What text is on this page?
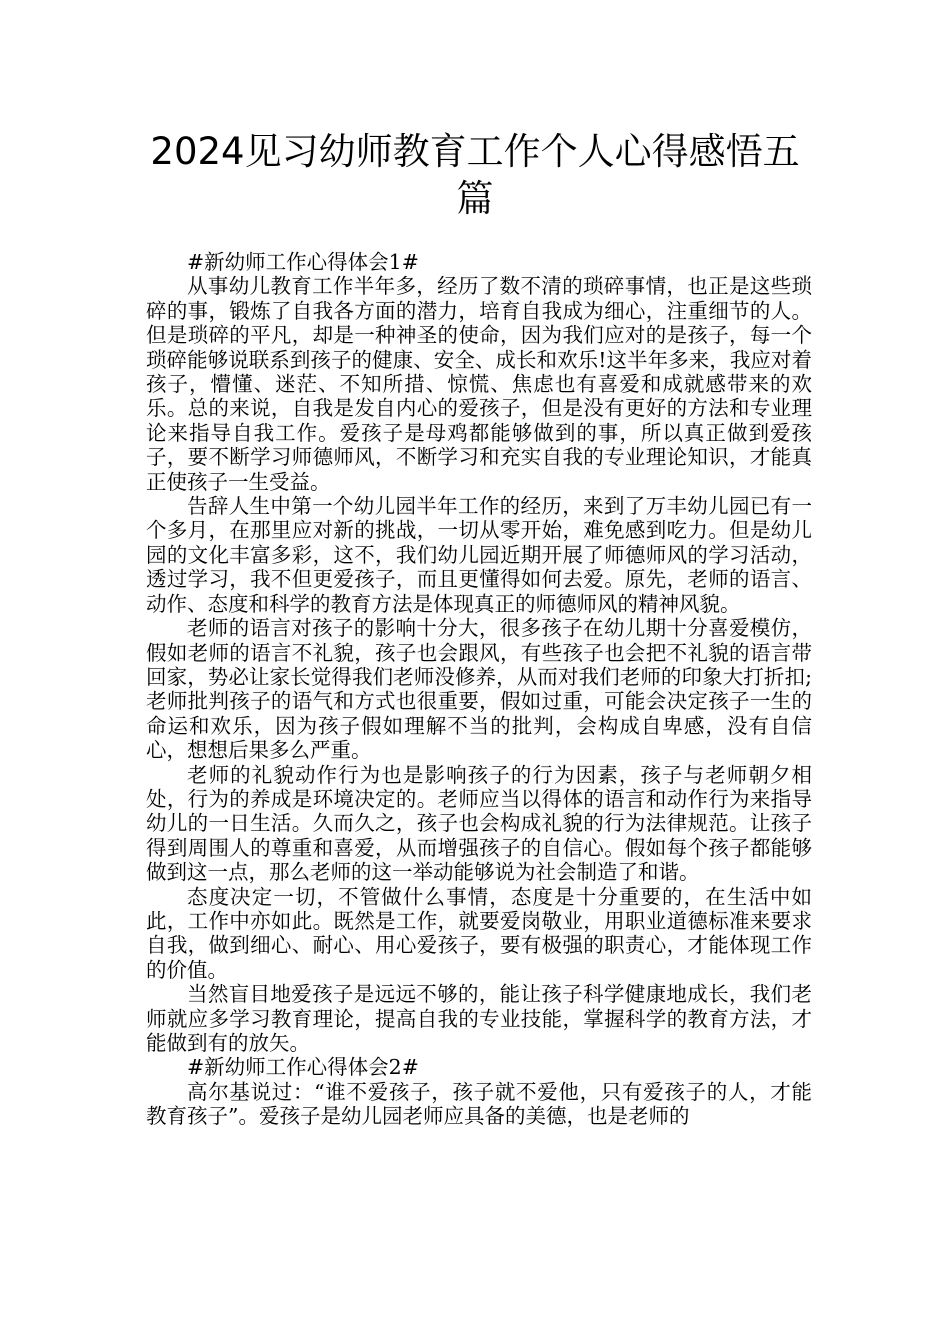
2024见习幼师教育工作个人心得感悟五篇

#新幼师工作心得体会1#

从事幼儿教育工作半年多，经历了数不清的琐碎事情，也正是这些琐碎的事，锻炼了自我各方面的潜力，培育自我成为细心，注重细节的人。但是琐碎的平凡，却是一种神圣的使命，因为我们应对的是孩子，每一个琐碎能够说联系到孩子的健康、安全、成长和欢乐!这半年多来，我应对着孩子，懵懂、迷茫、不知所措、惊慌、焦虑也有喜爱和成就感带来的欢乐。总的来说，自我是发自内心的爱孩子，但是没有更好的方法和专业理论来指导自我工作。爱孩子是母鸡都能够做到的事，所以真正做到爱孩子，要不断学习师德师风，不断学习和充实自我的专业理论知识，才能真正使孩子一生受益。

告辞人生中第一个幼儿园半年工作的经历，来到了万丰幼儿园已有一个多月，在那里应对新的挑战，一切从零开始，难免感到吃力。但是幼儿园的文化丰富多彩，这不，我们幼儿园近期开展了师德师风的学习活动，透过学习，我不但更爱孩子，而且更懂得如何去爱。原先，老师的语言、动作、态度和科学的教育方法是体现真正的师德师风的精神风貌。

老师的语言对孩子的影响十分大，很多孩子在幼儿期十分喜爱模仿，假如老师的语言不礼貌，孩子也会跟风，有些孩子也会把不礼貌的语言带回家，势必让家长觉得我们老师没修养，从而对我们老师的印象大打折扣;老师批判孩子的语气和方式也很重要，假如过重，可能会决定孩子一生的命运和欢乐，因为孩子假如理解不当的批判，会构成自卑感，没有自信心，想想后果多么严重。

老师的礼貌动作行为也是影响孩子的行为因素，孩子与老师朝夕相处，行为的养成是环境决定的。老师应当以得体的语言和动作行为来指导幼儿的一日生活。久而久之，孩子也会构成礼貌的行为法律规范。让孩子得到周围人的尊重和喜爱，从而增强孩子的自信心。假如每个孩子都能够做到这一点，那么老师的这一举动能够说为社会制造了和谐。

态度决定一切，不管做什么事情，态度是十分重要的，在生活中如此，工作中亦如此。既然是工作，就要爱岗敬业，用职业道德标准来要求自我，做到细心、耐心、用心爱孩子，要有极强的职责心，才能体现工作的价值。

当然盲目地爱孩子是远远不够的，能让孩子科学健康地成长，我们老师就应多学习教育理论，提高自我的专业技能，掌握科学的教育方法，才能做到有的放矢。

#新幼师工作心得体会2#

高尔基说过：“谁不爱孩子，孩子就不爱他，只有爱孩子的人，才能教育孩子”。爱孩子是幼儿园老师应具备的美德，也是老师的
